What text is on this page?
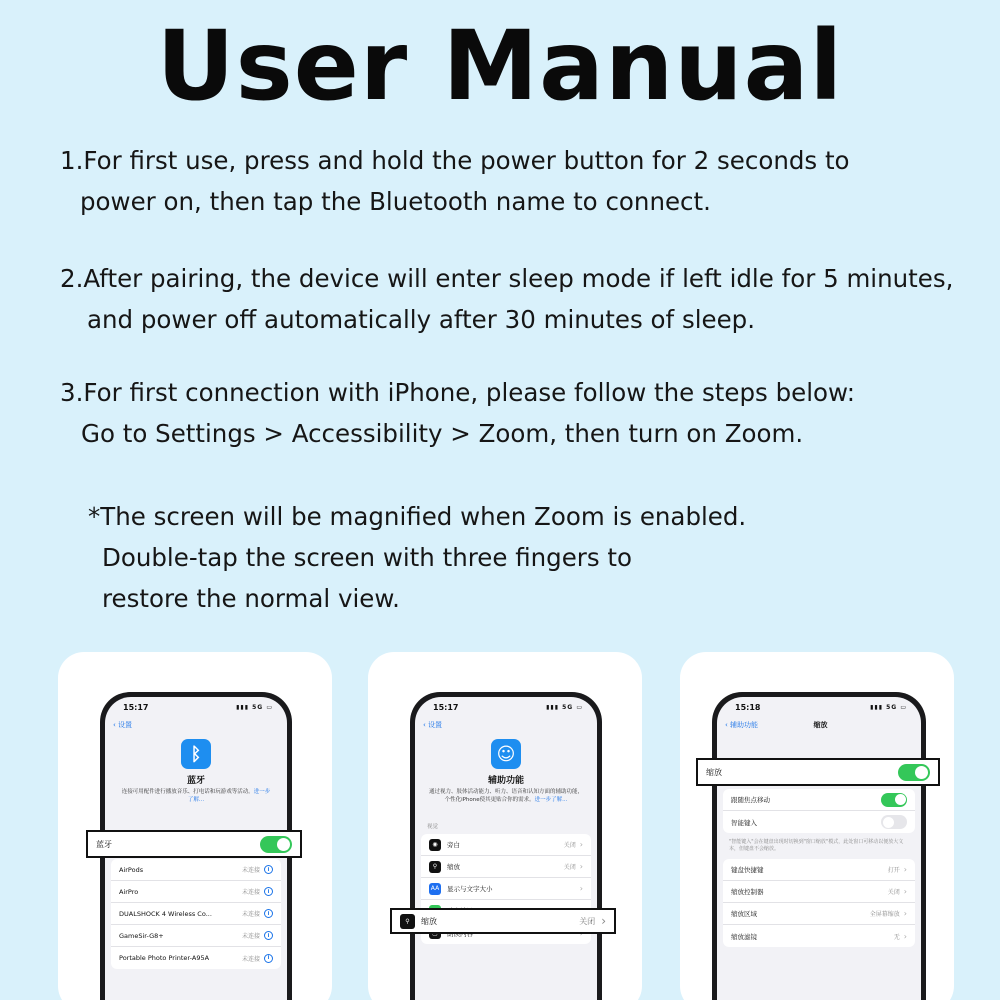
User Manual
1.For first use, press and hold the power button for 2 seconds to
power on, then tap the Bluetooth name to connect.
2.After pairing, the device will enter sleep mode if left idle for 5 minutes,
and power off automatically after 30 minutes of sleep.
3.For first connection with iPhone, please follow the steps below:
Go to Settings > Accessibility > Zoom, then turn on Zoom.
*The screen will be magnified when Zoom is enabled.
Double-tap the screen with three fingers to
restore the normal view.
15:17	▮▮▮ 5G ▭
‹ 设置
ᛒ
蓝牙
连接可用配件进行播放音乐、打电话和玩游戏等活动。进一步了解...
AirPods	未连接	i
AirPro	未连接	i
DUALSHOCK 4 Wireless Co...	未连接	i
GameSir-G8+	未连接	i
Portable Photo Printer-A95A	未连接	i
蓝牙
15:17	▮▮▮ 5G ▭
‹ 设置
☺
辅助功能
通过视力、肢体活动能力、听力、语音和认知方面的辅助功能，个性化iPhone使其更贴合你的需求。进一步了解...
视觉
◉	旁白	关闭 ›
⚲	缩放	关闭 ›
AA 显示与文字大小	›
⚲	缩放	关闭 ›
15:18	▮▮▮ 5G ▭
‹ 辅助功能	缩放
跟随焦点移动
智能键入
"智能键入"会在键盘出现时切换到"窗口缩放"模式，此处窗口可移动以便放大文本，但键盘不会缩放。
键盘快捷键	打开 ›
缩放控制器	关闭 ›
缩放区域	全屏幕缩放 ›
缩放滤镜	无 ›
缩放
